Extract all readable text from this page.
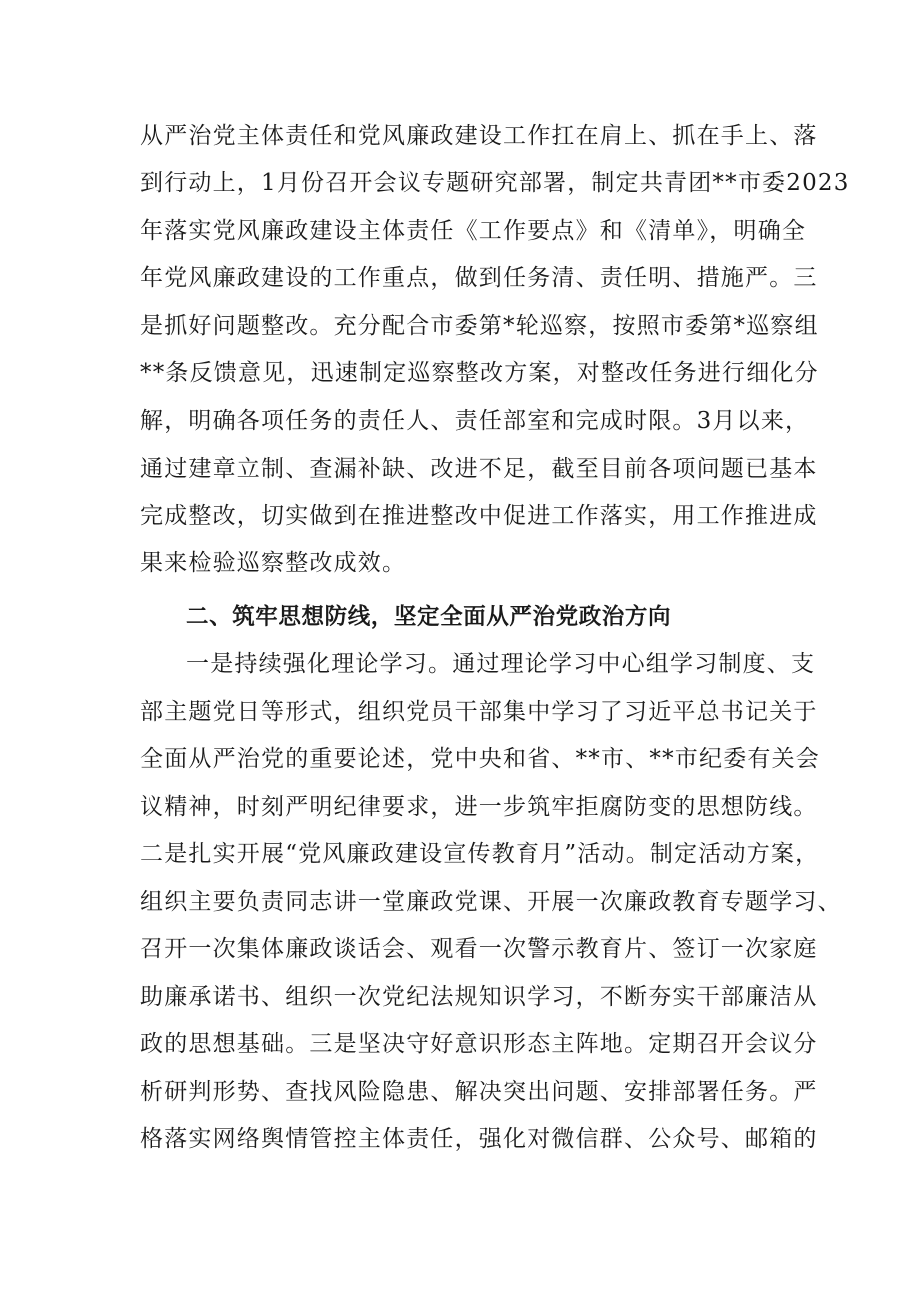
从严治党主体责任和党风廉政建设工作扛在肩上、抓在手上、落
到行动上，1月份召开会议专题研究部署，制定共青团**市委2023
年落实党风廉政建设主体责任《工作要点》和《清单》，明确全
年党风廉政建设的工作重点，做到任务清、责任明、措施严。三
是抓好问题整改。充分配合市委第*轮巡察，按照市委第*巡察组
**条反馈意见，迅速制定巡察整改方案，对整改任务进行细化分
解，明确各项任务的责任人、责任部室和完成时限。3月以来，
通过建章立制、查漏补缺、改进不足，截至目前各项问题已基本
完成整改，切实做到在推进整改中促进工作落实，用工作推进成
果来检验巡察整改成效。
二、筑牢思想防线，坚定全面从严治党政治方向
一是持续强化理论学习。通过理论学习中心组学习制度、支
部主题党日等形式，组织党员干部集中学习了习近平总书记关于
全面从严治党的重要论述，党中央和省、**市、**市纪委有关会
议精神，时刻严明纪律要求，进一步筑牢拒腐防变的思想防线。
二是扎实开展“党风廉政建设宣传教育月”活动。制定活动方案，
组织主要负责同志讲一堂廉政党课、开展一次廉政教育专题学习、
召开一次集体廉政谈话会、观看一次警示教育片、签订一次家庭
助廉承诺书、组织一次党纪法规知识学习，不断夯实干部廉洁从
政的思想基础。三是坚决守好意识形态主阵地。定期召开会议分
析研判形势、查找风险隐患、解决突出问题、安排部署任务。严
格落实网络舆情管控主体责任，强化对微信群、公众号、邮箱的
